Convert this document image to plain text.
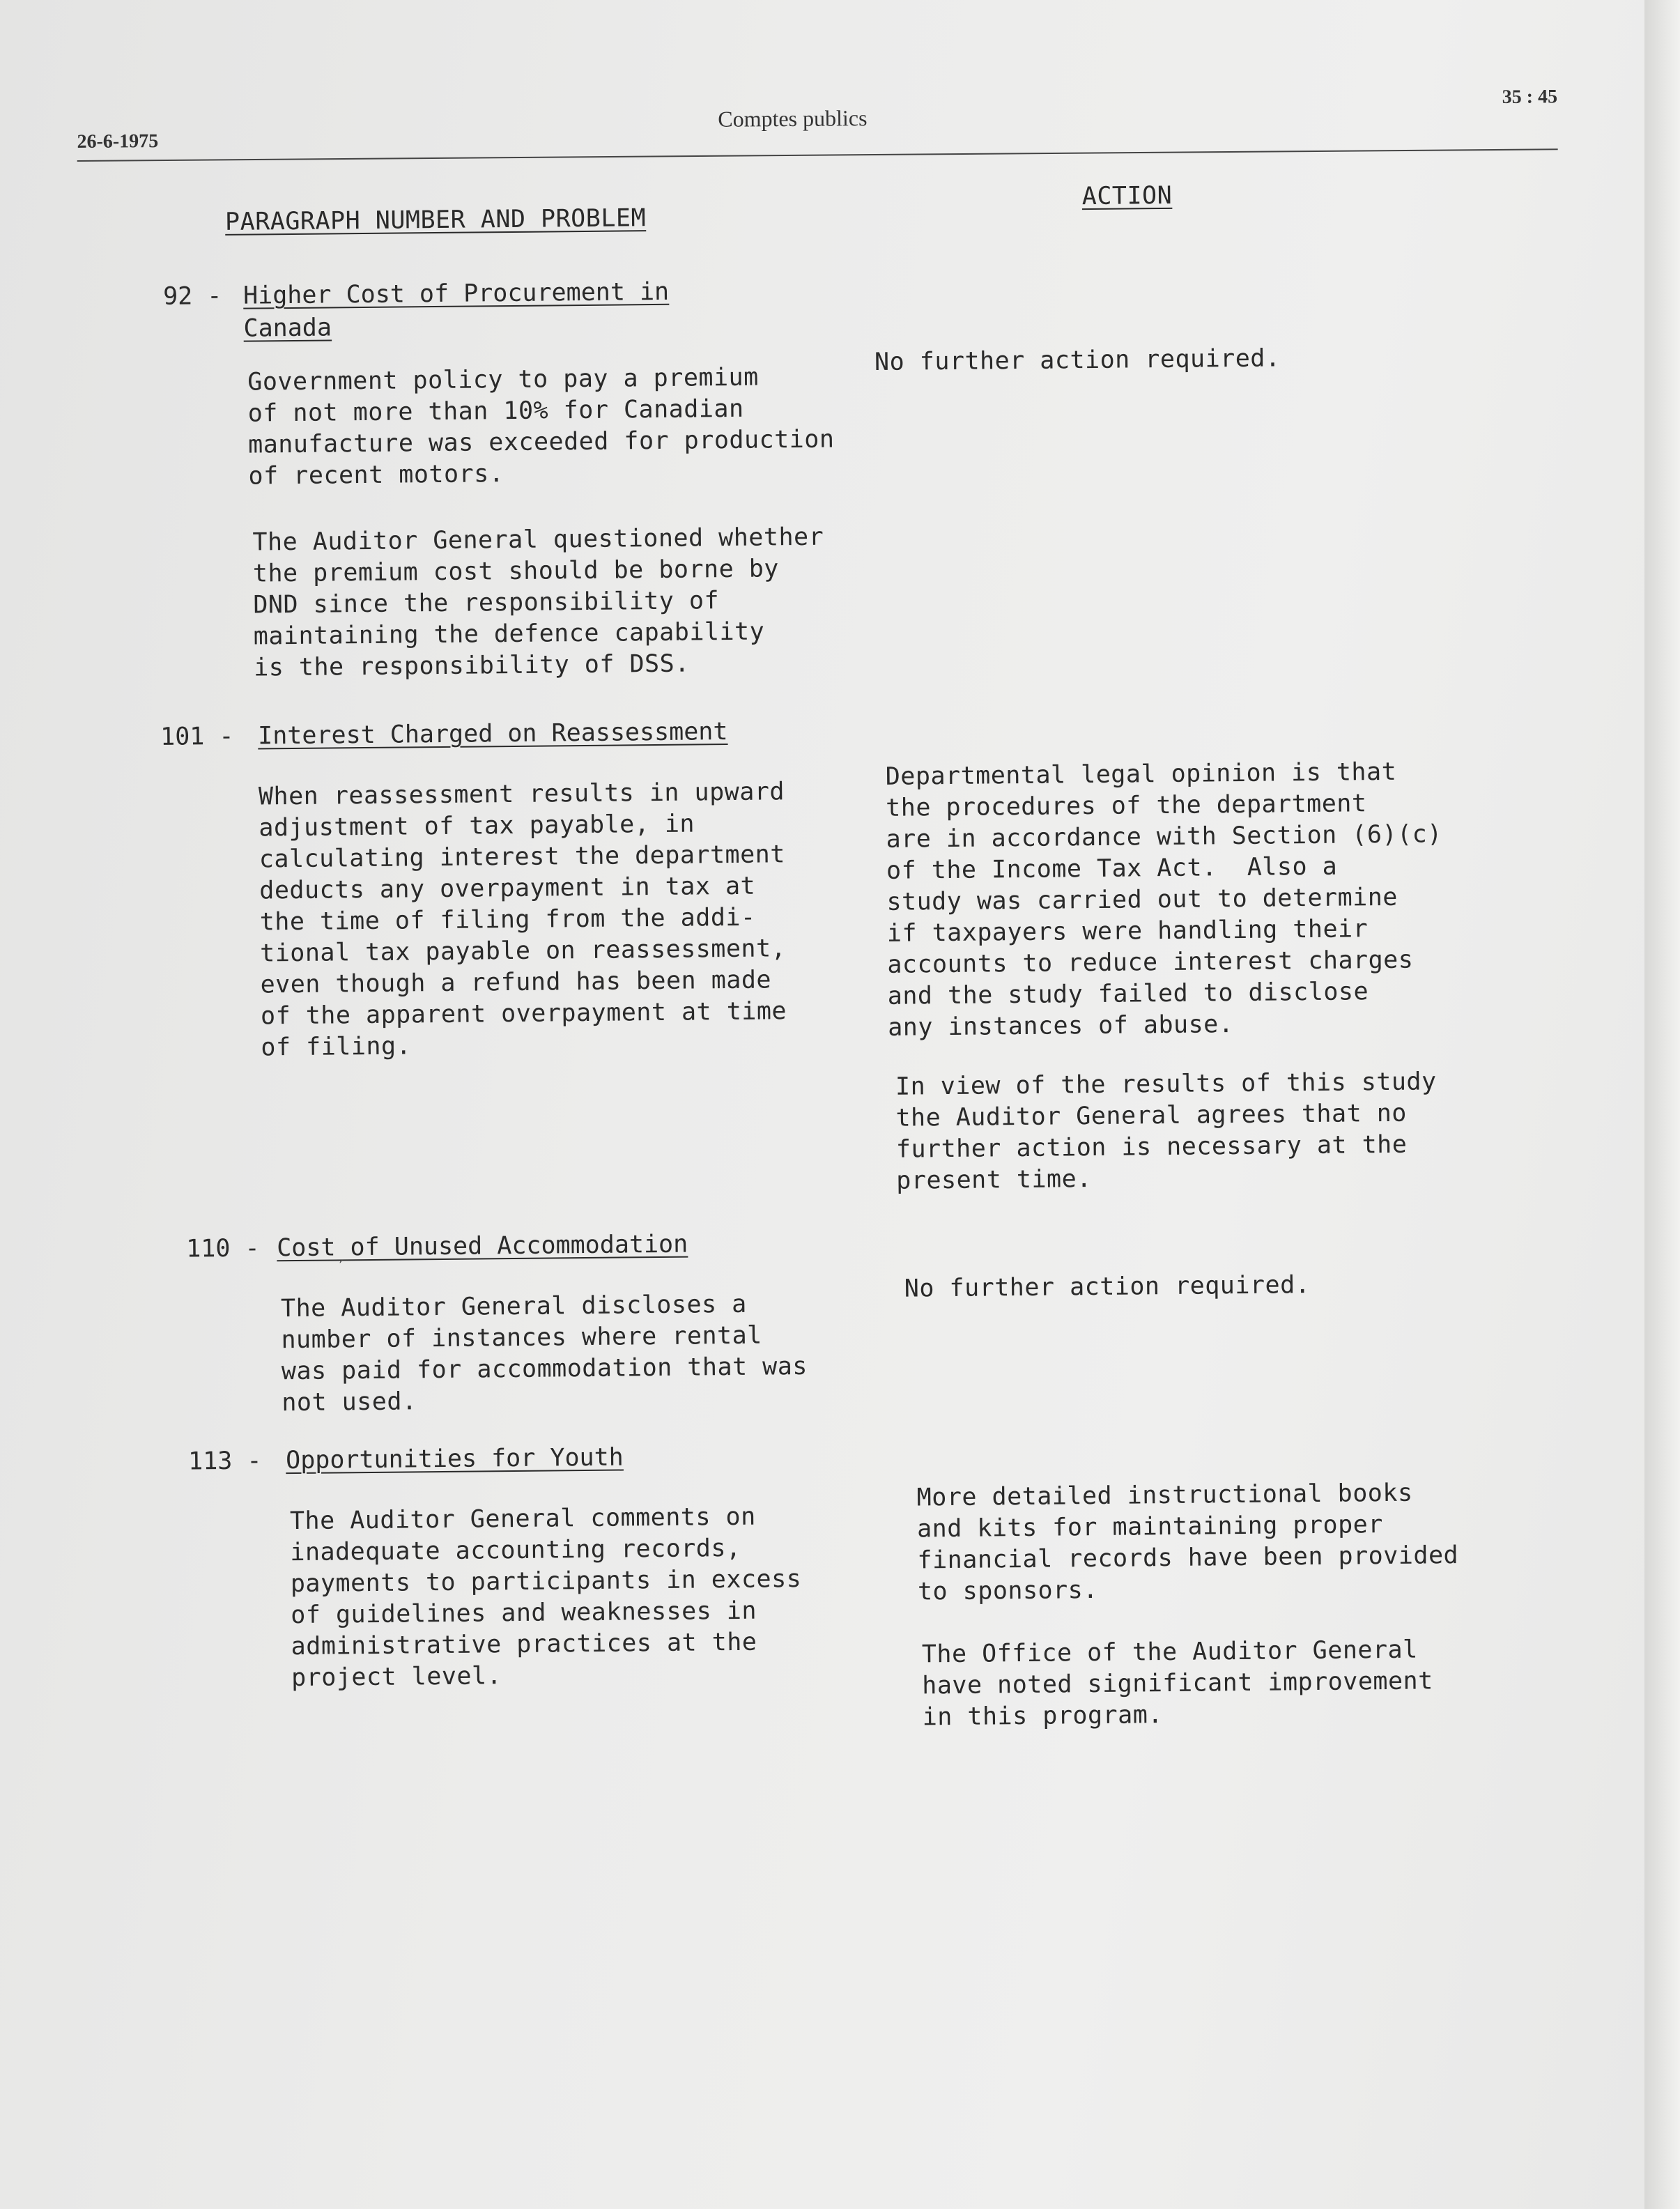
26-6-1975
Comptes publics
35 : 45
PARAGRAPH NUMBER AND PROBLEM
ACTION
92 - Higher Cost of Procurement in
Canada
Government policy to pay a premium
of not more than 10% for Canadian
manufacture was exceeded for production
of recent motors.
The Auditor General questioned whether
the premium cost should be borne by
DND since the responsibility of
maintaining the defence capability
is the responsibility of DSS.
No further action required.
101 - Interest Charged on Reassessment
When reassessment results in upward
adjustment of tax payable, in
calculating interest the department
deducts any overpayment in tax at
the time of filing from the addi-
tional tax payable on reassessment,
even though a refund has been made
of the apparent overpayment at time
of filing.
Departmental legal opinion is that
the procedures of the department
are in accordance with Section (6)(c)
of the Income Tax Act.  Also a
study was carried out to determine
if taxpayers were handling their
accounts to reduce interest charges
and the study failed to disclose
any instances of abuse.
In view of the results of this study
the Auditor General agrees that no
further action is necessary at the
present time.
110 - Cost of Unused Accommodation
The Auditor General discloses a
number of instances where rental
was paid for accommodation that was
not used.
No further action required.
113 - Opportunities for Youth
The Auditor General comments on
inadequate accounting records,
payments to participants in excess
of guidelines and weaknesses in
administrative practices at the
project level.
More detailed instructional books
and kits for maintaining proper
financial records have been provided
to sponsors.
The Office of the Auditor General
have noted significant improvement
in this program.
′
